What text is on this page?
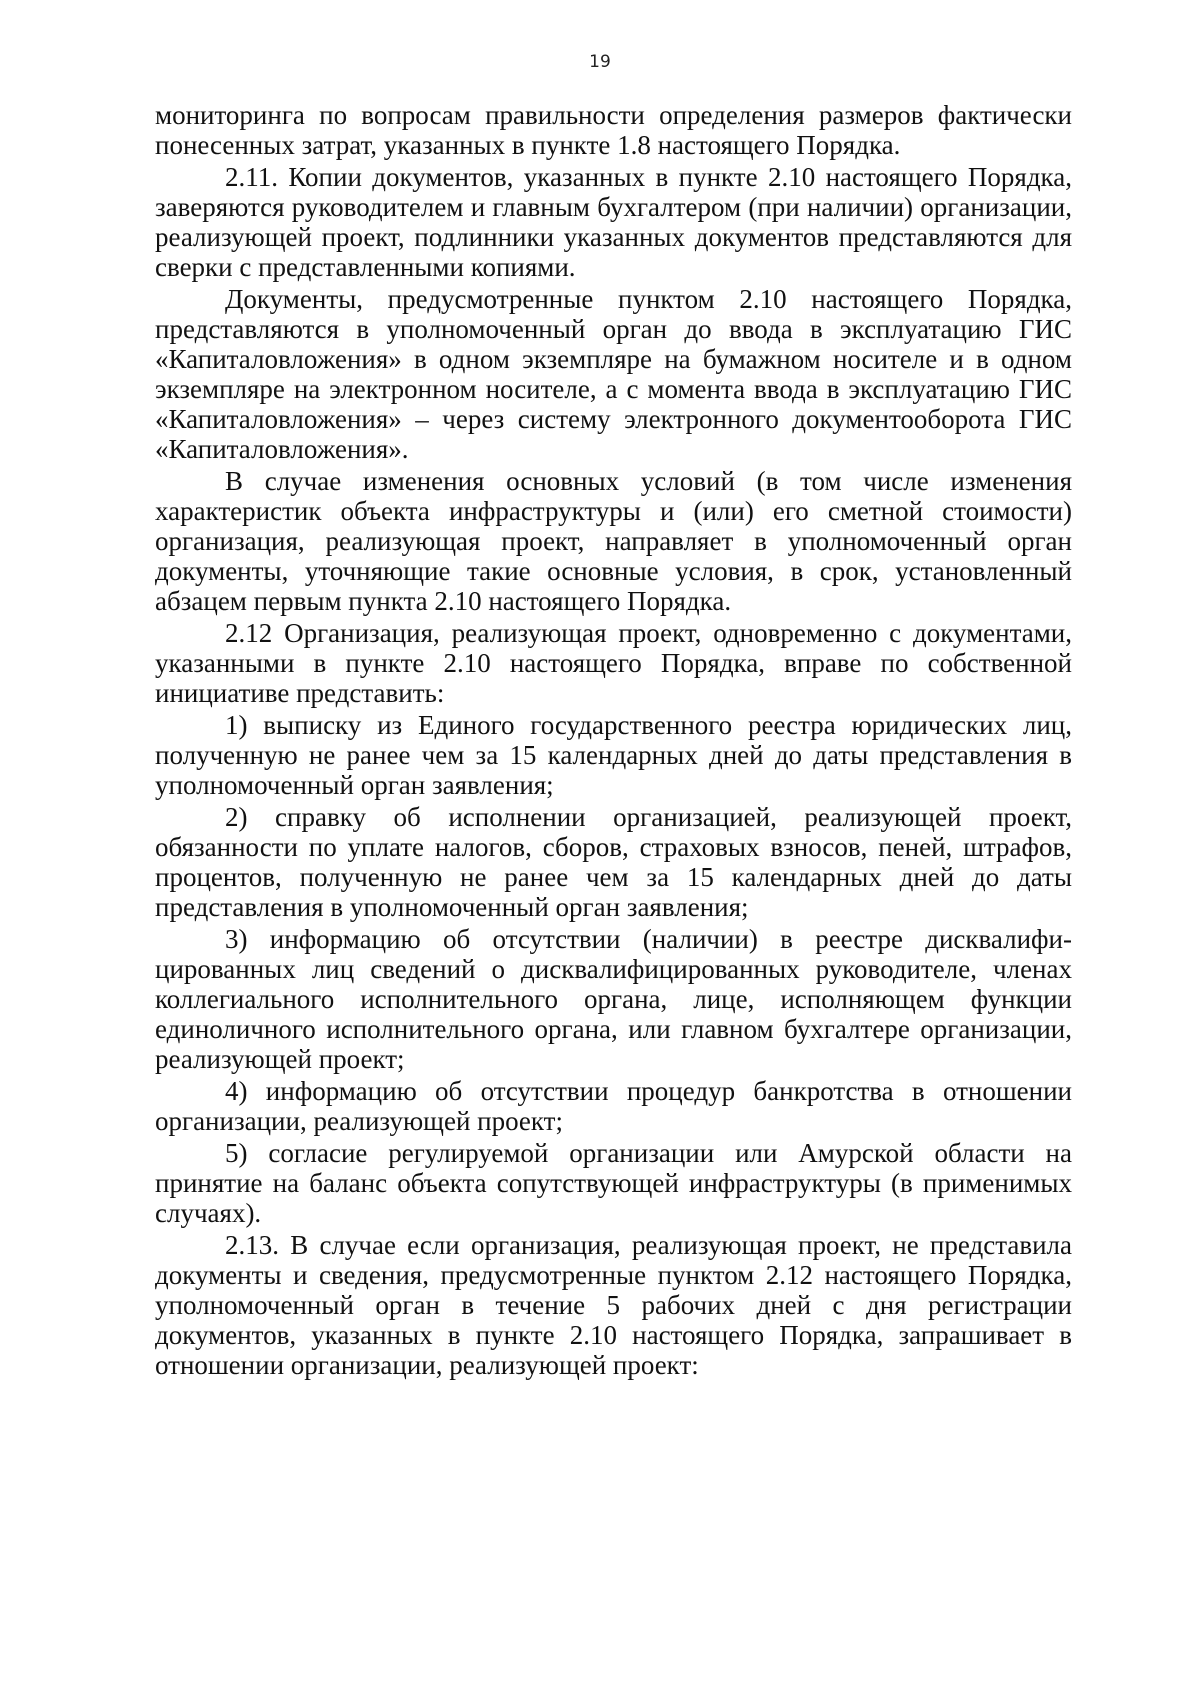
19

мониторинга по вопросам правильности определения размеров фактически понесенных затрат, указанных в пункте 1.8 настоящего Порядка.

2.11. Копии документов, указанных в пункте 2.10 настоящего Порядка, заверяются руководителем и главным бухгалтером (при наличии) организации, реализующей проект, подлинники указанных документов представляются для сверки с представленными копиями.

Документы, предусмотренные пунктом 2.10 настоящего Порядка, представляются в уполномоченный орган до ввода в эксплуатацию ГИС «Капиталовложения» в одном экземпляре на бумажном носителе и в одном экземпляре на электронном носителе, а с момента ввода в эксплуатацию ГИС «Капиталовложения» – через систему электронного документооборота ГИС «Капиталовложения».

В случае изменения основных условий (в том числе изменения характеристик объекта инфраструктуры и (или) его сметной стоимости) организация, реализующая проект, направляет в уполномоченный орган документы, уточняющие такие основные условия, в срок, установленный абзацем первым пункта 2.10 настоящего Порядка.

2.12 Организация, реализующая проект, одновременно с документами, указанными в пункте 2.10 настоящего Порядка, вправе по собственной инициативе представить:

1) выписку из Единого государственного реестра юридических лиц, полученную не ранее чем за 15 календарных дней до даты представления в уполномоченный орган заявления;

2) справку об исполнении организацией, реализующей проект, обязанности по уплате налогов, сборов, страховых взносов, пеней, штрафов, процентов, полученную не ранее чем за 15 календарных дней до даты представления в уполномоченный орган заявления;

3) информацию об отсутствии (наличии) в реестре дисквалифи-цированных лиц сведений о дисквалифицированных руководителе, членах коллегиального исполнительного органа, лице, исполняющем функции единоличного исполнительного органа, или главном бухгалтере организации, реализующей проект;

4) информацию об отсутствии процедур банкротства в отношении организации, реализующей проект;

5) согласие регулируемой организации или Амурской области на принятие на баланс объекта сопутствующей инфраструктуры (в применимых случаях).

2.13. В случае если организация, реализующая проект, не представила документы и сведения, предусмотренные пунктом 2.12 настоящего Порядка, уполномоченный орган в течение 5 рабочих дней с дня регистрации документов, указанных в пункте 2.10 настоящего Порядка, запрашивает в отношении организации, реализующей проект:
